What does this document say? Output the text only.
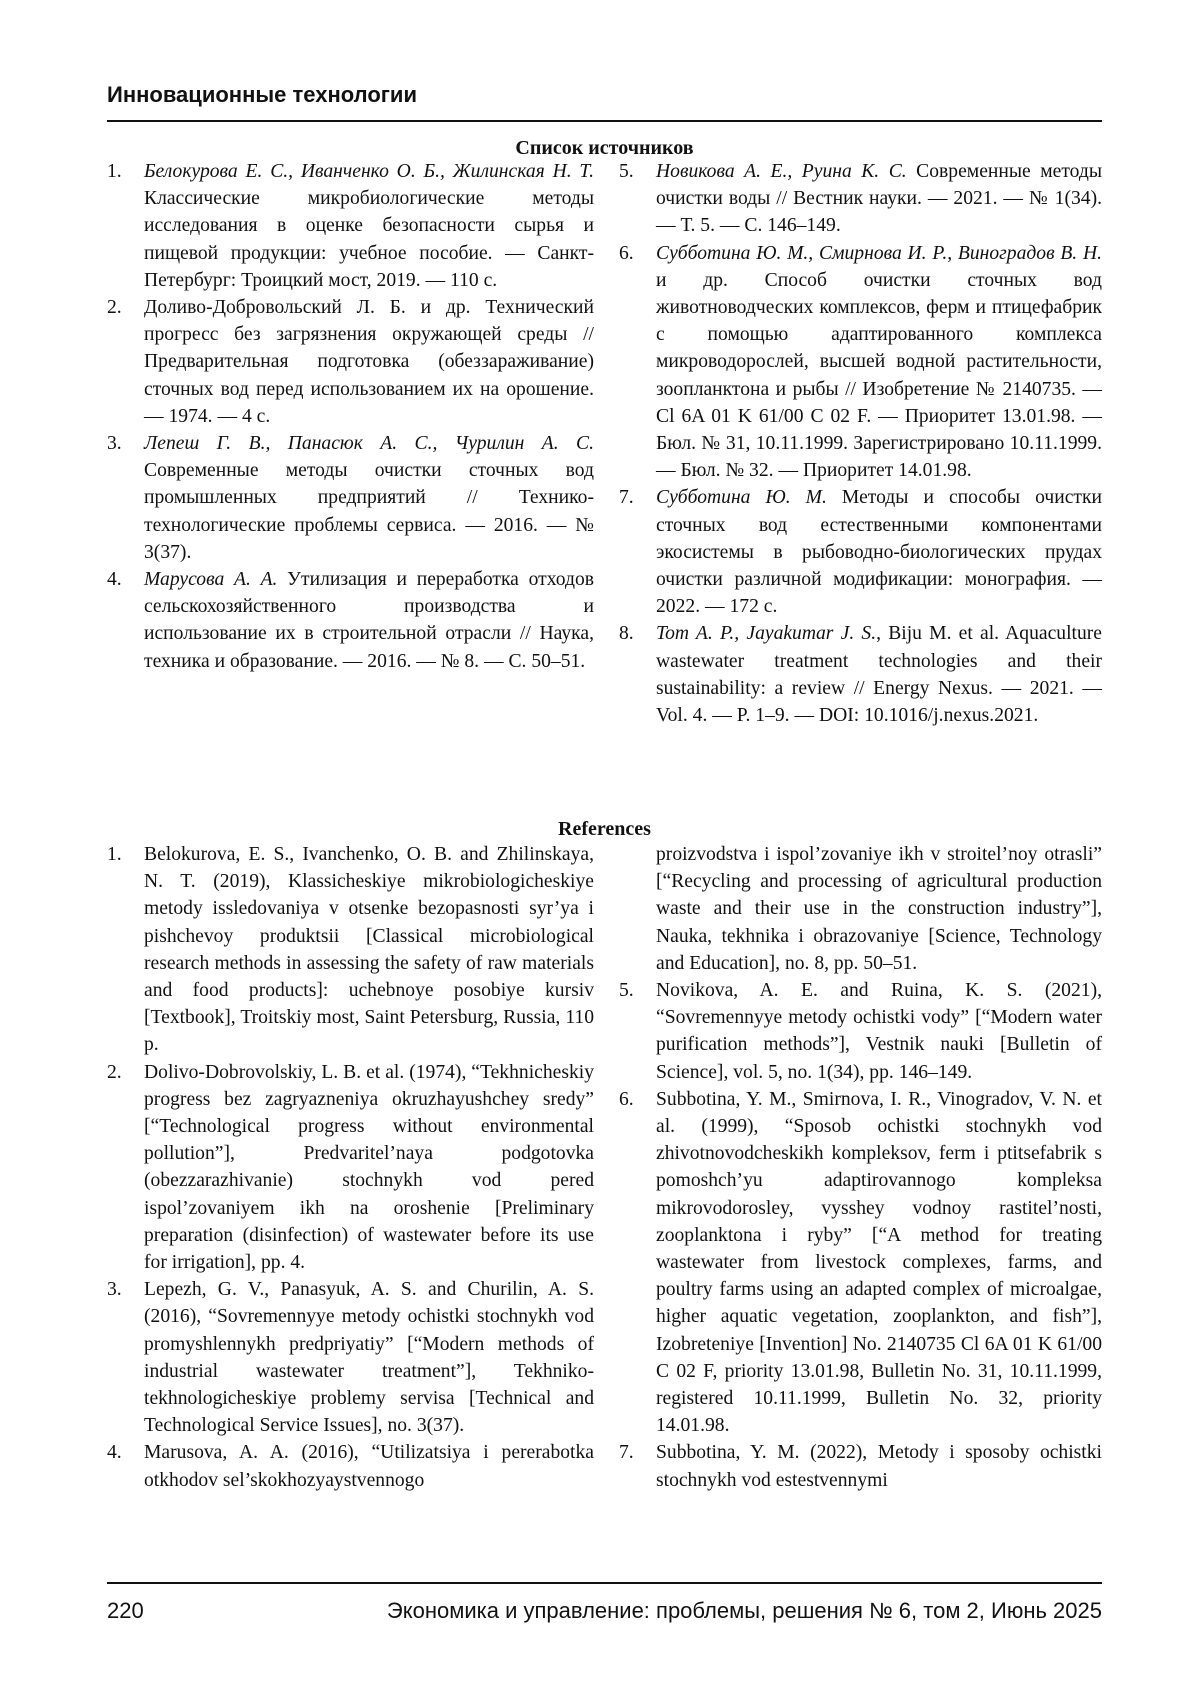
Инновационные технологии
Список источников
1. Белокурова Е. С., Иванченко О. Б., Жилинская Н. Т. Классические микробиологические методы исследования в оценке безопасности сырья и пищевой продукции: учебное пособие. — Санкт-Петербург: Троицкий мост, 2019. — 110 с.
2. Доливо-Добровольский Л. Б. и др. Технический прогресс без загрязнения окружающей среды // Предварительная подготовка (обеззараживание) сточных вод перед использованием их на орошение. — 1974. — 4 с.
3. Лепеш Г. В., Панасюк А. С., Чурилин А. С. Современные методы очистки сточных вод промышленных предприятий // Технико-технологические проблемы сервиса. — 2016. — № 3(37).
4. Марусова А. А. Утилизация и переработка отходов сельскохозяйственного производства и использование их в строительной отрасли // Наука, техника и образование. — 2016. — № 8. — С. 50–51.
5. Новикова А. Е., Руина К. С. Современные методы очистки воды // Вестник науки. — 2021. — № 1(34). — Т. 5. — С. 146–149.
6. Субботина Ю. М., Смирнова И. Р., Виноградов В. Н. и др. Способ очистки сточных вод животноводческих комплексов, ферм и птицефабрик с помощью адаптированного комплекса микроводорослей, высшей водной растительности, зоопланктона и рыбы // Изобретение № 2140735. — Cl 6A 01 K 61/00 C 02 F. — Приоритет 13.01.98. — Бюл. № 31, 10.11.1999. Зарегистрировано 10.11.1999. — Бюл. № 32. — Приоритет 14.01.98.
7. Субботина Ю. М. Методы и способы очистки сточных вод естественными компонентами экосистемы в рыбоводно-биологических прудах очистки различной модификации: монография. — 2022. — 172 с.
8. Tom A. P., Jayakumar J. S., Biju M. et al. Aquaculture wastewater treatment technologies and their sustainability: a review // Energy Nexus. — 2021. — Vol. 4. — P. 1–9. — DOI: 10.1016/j.nexus.2021.
References
1. Belokurova, E. S., Ivanchenko, O. B. and Zhilinskaya, N. T. (2019), Klassicheskiye mikrobiologicheskiye metody issledovaniya v otsenke bezopasnosti syr’ya i pishchevoy produktsii [Classical microbiological research methods in assessing the safety of raw materials and food products]: uchebnoye posobiye kursiv [Textbook], Troitskiy most, Saint Petersburg, Russia, 110 p.
2. Dolivo-Dobrovolskiy, L. B. et al. (1974), “Tekhnicheskiy progress bez zagryazneniya okruzhayushchey sredy” [“Technological progress without environmental pollution”], Predvaritel’naya podgotovka (obezzarazhivanie) stochnykh vod pered ispol’zovaniyem ikh na oroshenie [Preliminary preparation (disinfection) of wastewater before its use for irrigation], pp. 4.
3. Lepezh, G. V., Panasyuk, A. S. and Churilin, A. S. (2016), “Sovremennyye metody ochistki stochnykh vod promyshlennykh predpriyatiy” [“Modern methods of industrial wastewater treatment”], Tekhniko-tekhnologicheskiye problemy servisa [Technical and Technological Service Issues], no. 3(37).
4. Marusova, A. A. (2016), “Utilizatsiya i pererabotka otkhodov sel’skokhozyaystvennogo
proizvodstva i ispol’zovaniye ikh v stroitel’noy otrasli” [“Recycling and processing of agricultural production waste and their use in the construction industry”], Nauka, tekhnika i obrazovaniye [Science, Technology and Education], no. 8, pp. 50–51.
5. Novikova, A. E. and Ruina, K. S. (2021), “Sovremennyye metody ochistki vody” [“Modern water purification methods”], Vestnik nauki [Bulletin of Science], vol. 5, no. 1(34), pp. 146–149.
6. Subbotina, Y. M., Smirnova, I. R., Vinogradov, V. N. et al. (1999), “Sposob ochistki stochnykh vod zhivotnovodcheskikh kompleksov, ferm i ptitsefabrik s pomoshch’yu adaptirovannogo kompleksa mikrovodorosley, vysshey vodnoy rastitel’nosti, zooplanktona i ryby” [“A method for treating wastewater from livestock complexes, farms, and poultry farms using an adapted complex of microalgae, higher aquatic vegetation, zooplankton, and fish”], Izobreteniye [Invention] No. 2140735 Cl 6A 01 K 61/00 C 02 F, priority 13.01.98, Bulletin No. 31, 10.11.1999, registered 10.11.1999, Bulletin No. 32, priority 14.01.98.
7. Subbotina, Y. M. (2022), Metody i sposoby ochistki stochnykh vod estestvennymi
220	Экономика и управление: проблемы, решения № 6, том 2, Июнь 2025
